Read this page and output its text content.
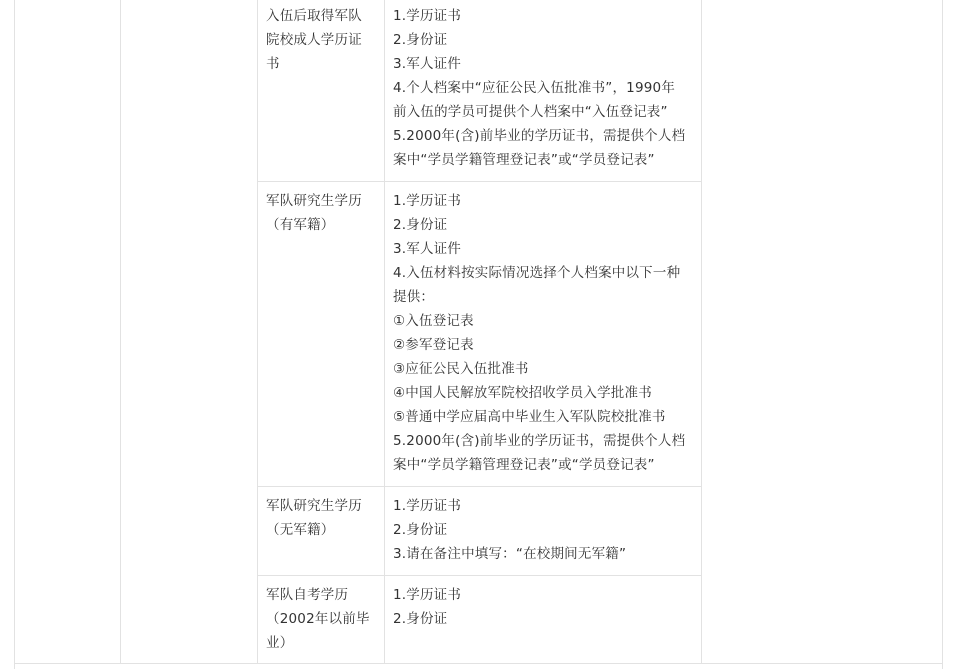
入伍后取得军队
院校成人学历证
书
1.学历证书
2.身份证
3.军人证件
4.个人档案中“应征公民入伍批准书”，1990年
前入伍的学员可提供个人档案中“入伍登记表”
5.2000年(含)前毕业的学历证书，需提供个人档
案中“学员学籍管理登记表”或“学员登记表”
军队研究生学历
（有军籍）
1.学历证书
2.身份证
3.军人证件
4.入伍材料按实际情况选择个人档案中以下一种
提供：
①入伍登记表
②参军登记表
③应征公民入伍批准书
④中国人民解放军院校招收学员入学批准书
⑤普通中学应届高中毕业生入军队院校批准书
5.2000年(含)前毕业的学历证书，需提供个人档
案中“学员学籍管理登记表”或“学员登记表”
军队研究生学历
（无军籍）
1.学历证书
2.身份证
3.请在备注中填写：“在校期间无军籍”
军队自考学历
（2002年以前毕
业）
1.学历证书
2.身份证
